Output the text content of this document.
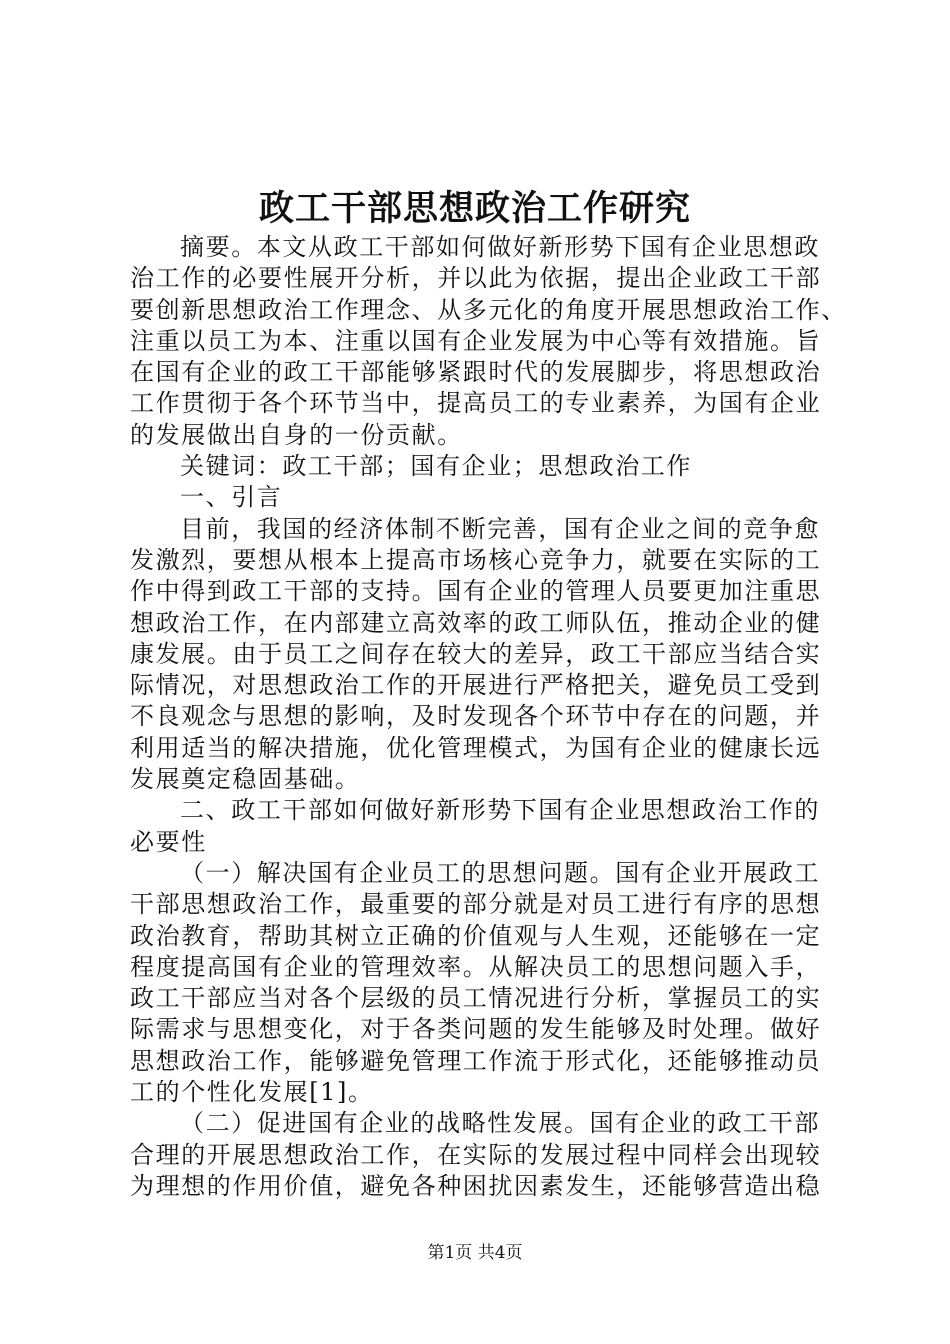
政工干部思想政治工作研究

摘要。本文从政工干部如何做好新形势下国有企业思想政
治工作的必要性展开分析，并以此为依据，提出企业政工干部
要创新思想政治工作理念、从多元化的角度开展思想政治工作、
注重以员工为本、注重以国有企业发展为中心等有效措施。旨
在国有企业的政工干部能够紧跟时代的发展脚步，将思想政治
工作贯彻于各个环节当中，提高员工的专业素养，为国有企业
的发展做出自身的一份贡献。

关键词：政工干部；国有企业；思想政治工作

一、引言

目前，我国的经济体制不断完善，国有企业之间的竞争愈
发激烈，要想从根本上提高市场核心竞争力，就要在实际的工
作中得到政工干部的支持。国有企业的管理人员要更加注重思
想政治工作，在内部建立高效率的政工师队伍，推动企业的健
康发展。由于员工之间存在较大的差异，政工干部应当结合实
际情况，对思想政治工作的开展进行严格把关，避免员工受到
不良观念与思想的影响，及时发现各个环节中存在的问题，并
利用适当的解决措施，优化管理模式，为国有企业的健康长远
发展奠定稳固基础。

二、政工干部如何做好新形势下国有企业思想政治工作的
必要性

（一）解决国有企业员工的思想问题。国有企业开展政工
干部思想政治工作，最重要的部分就是对员工进行有序的思想
政治教育，帮助其树立正确的价值观与人生观，还能够在一定
程度提高国有企业的管理效率。从解决员工的思想问题入手，
政工干部应当对各个层级的员工情况进行分析，掌握员工的实
际需求与思想变化，对于各类问题的发生能够及时处理。做好
思想政治工作，能够避免管理工作流于形式化，还能够推动员
工的个性化发展[1]。

（二）促进国有企业的战略性发展。国有企业的政工干部
合理的开展思想政治工作，在实际的发展过程中同样会出现较
为理想的作用价值，避免各种困扰因素发生，还能够营造出稳

第1页 共4页
